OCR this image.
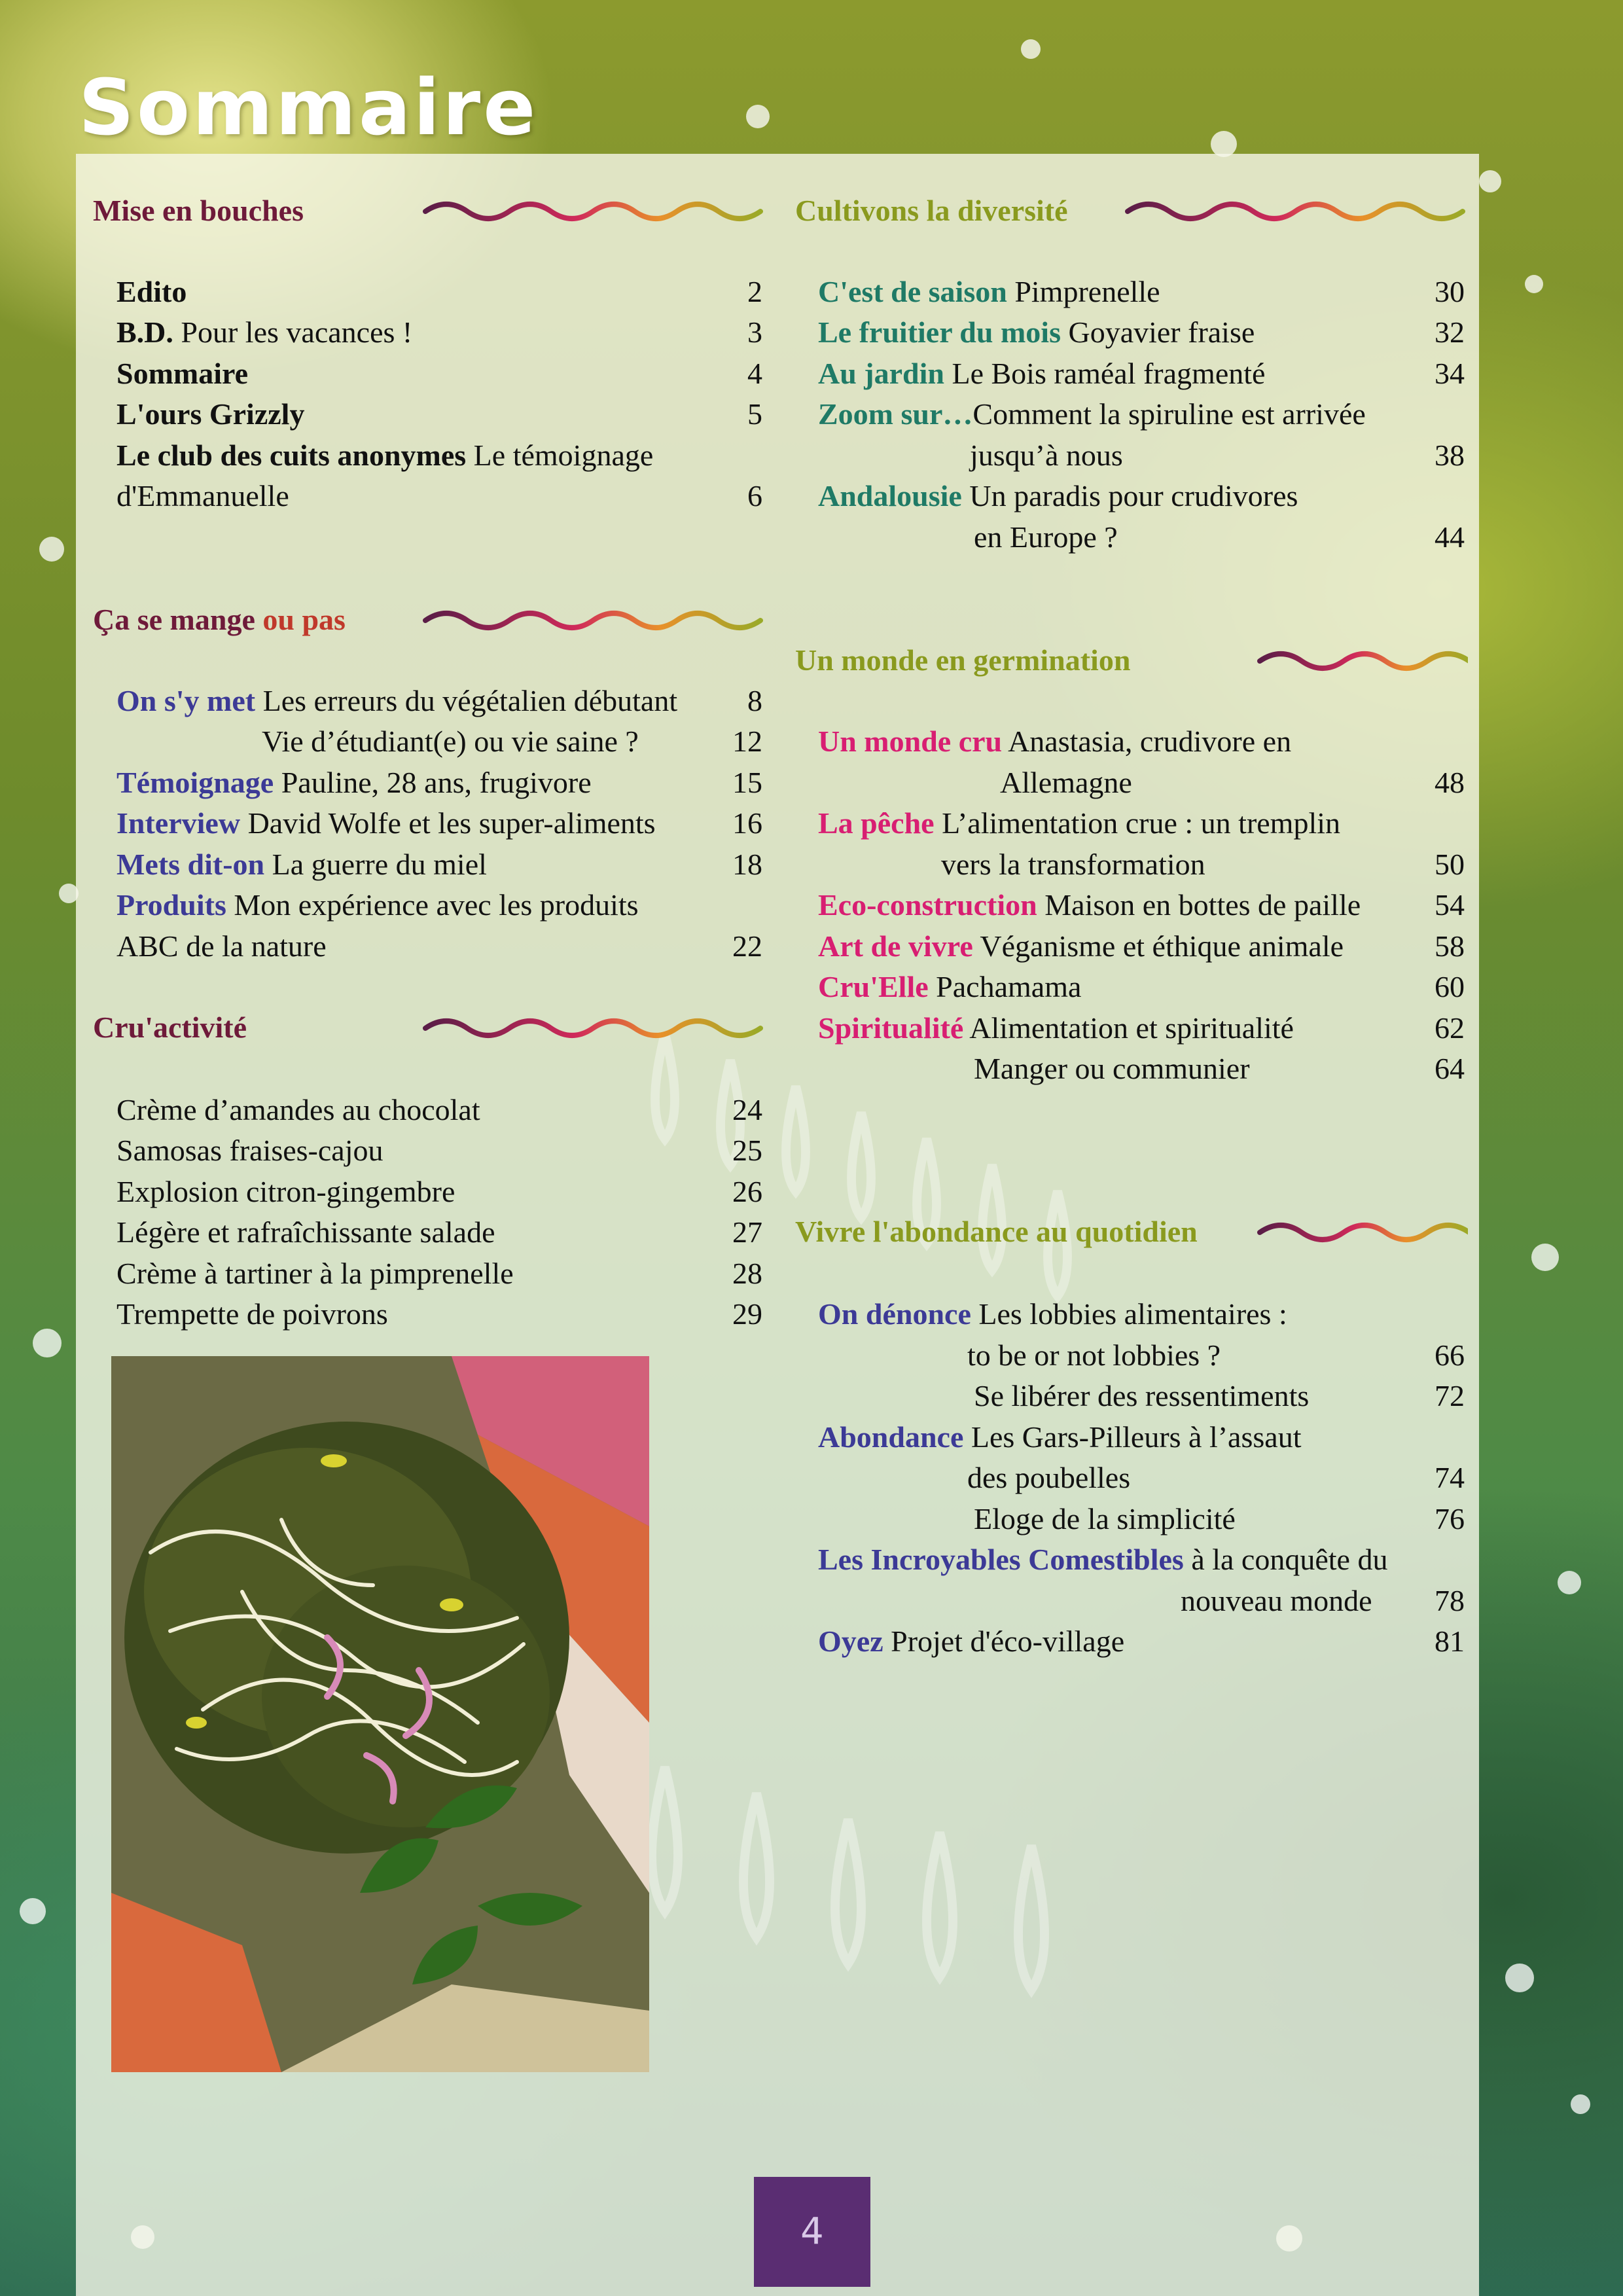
Sommaire
Mise en bouches
Edito	2
B.D. Pour les vacances !	3
Sommaire	4
L'ours Grizzly	5
Le club des cuits anonymes Le témoignage
d'Emmanuelle	6
Ça se mange ou pas
On s'y met Les erreurs du végétalien débutant	8
Vie d’étudiant(e) ou vie saine ?	12
Témoignage Pauline, 28 ans, frugivore	15
Interview David Wolfe et les super-aliments	16
Mets dit-on La guerre du miel	18
Produits Mon expérience avec les produits
ABC de la nature	22
Cru'activité
Crème d’amandes au chocolat	24
Samosas fraises-cajou	25
Explosion citron-gingembre	26
Légère et rafraîchissante salade	27
Crème à tartiner à la pimprenelle	28
Trempette de poivrons	29
Cultivons la diversité
C'est de saison Pimprenelle	30
Le fruitier du mois Goyavier fraise	32
Au jardin Le Bois raméal fragmenté	34
Zoom sur…Comment la spiruline est arrivée
jusqu’à nous	38
Andalousie Un paradis pour crudivores
en Europe ?	44
Un monde en germination
Un monde cru Anastasia, crudivore en
Allemagne	48
La pêche L’alimentation crue : un tremplin
vers la transformation	50
Eco-construction Maison en bottes de paille	54
Art de vivre Véganisme et éthique animale	58
Cru'Elle Pachamama	60
Spiritualité Alimentation et spiritualité	62
Manger ou communier	64
Vivre l'abondance au quotidien
On dénonce Les lobbies alimentaires :
to be or not lobbies ?	66
Se libérer des ressentiments	72
Abondance Les Gars-Pilleurs à l’assaut
des poubelles	74
Eloge de la simplicité	76
Les Incroyables Comestibles à la conquête du
nouveau monde	78
Oyez Projet d'éco-village	81
4
